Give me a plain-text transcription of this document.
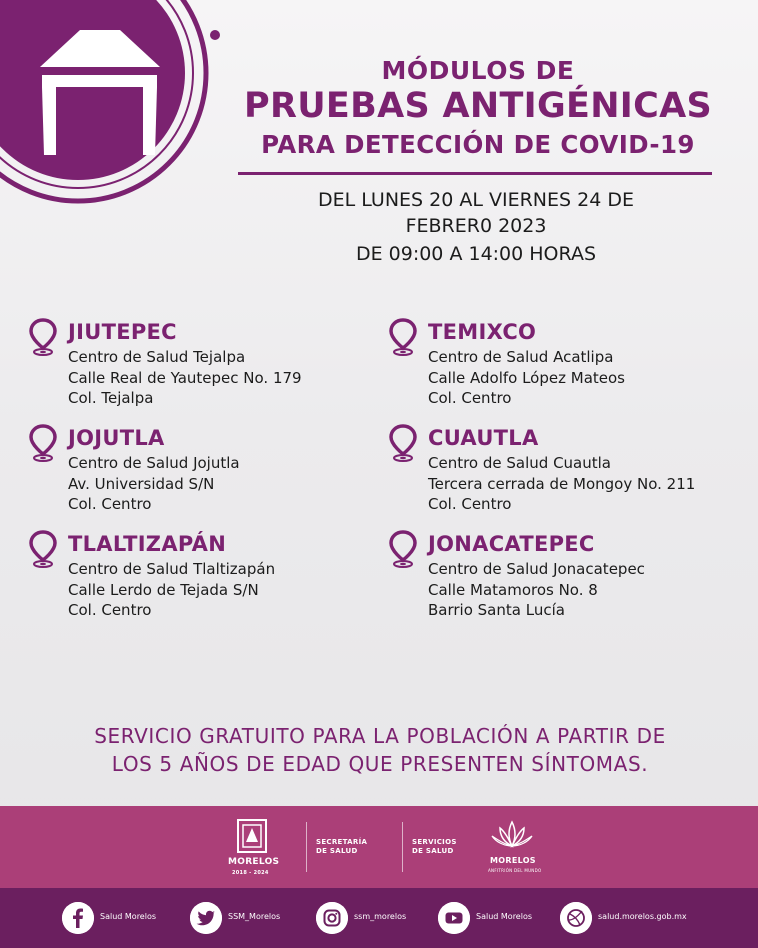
MÓDULOS DE
PRUEBAS ANTIGÉNICAS
PARA DETECCIÓN DE COVID-19
DEL LUNES 20 AL VIERNES 24 DE
FEBRER0 2023
DE 09:00 A 14:00 HORAS
JIUTEPEC
Centro de Salud Tejalpa
Calle Real de Yautepec No. 179
Col. Tejalpa
TEMIXCO
Centro de Salud Acatlipa
Calle Adolfo López Mateos
Col. Centro
JOJUTLA
Centro de Salud Jojutla
Av. Universidad S/N
Col. Centro
CUAUTLA
Centro de Salud Cuautla
Tercera cerrada de Mongoy No. 211
Col. Centro
TLALTIZAPÁN
Centro de Salud Tlaltizapán
Calle Lerdo de Tejada S/N
Col. Centro
JONACATEPEC
Centro de Salud Jonacatepec
Calle Matamoros No. 8
Barrio Santa Lucía
SERVICIO GRATUITO PARA LA POBLACIÓN A PARTIR DE
LOS 5 AÑOS DE EDAD QUE PRESENTEN SÍNTOMAS.
MORELOS
2018 - 2024
SECRETARÍA
DE SALUD
SERVICIOS
DE SALUD
MORELOS
ANFITRIÓN DEL MUNDO
Salud Morelos	SSM_Morelos	ssm_morelos	Salud Morelos	salud.morelos.gob.mx
